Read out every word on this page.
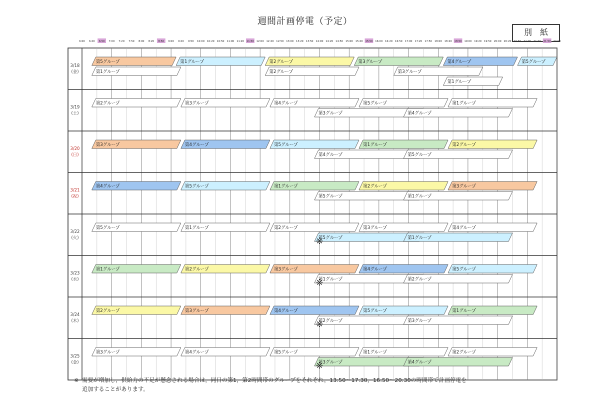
週間計画停電（予定）
別　紙
6:00 6:20 6:50 7:00 7:20 7:50 8:00 8:20 8:50 9:00 9:20 9:50 10:00 10:20 10:50 11:00 11:20 11:50 12:00 12:20 12:50 13:00 13:20 13:50 14:00 14:20 14:50 15:00 15:20 15:50 16:00 16:20 16:50 17:00 17:20 17:50 18:00 18:20 18:50 19:00 19:20 19:50 20:00 20:20 20:50 21:00 21:20 21:50 22:00
3/18
(金)
第5グループ	第1グループ	第2グループ	第3グループ	第4グループ	第5グループ
第1グループ	第2グループ	第3グループ
第1グループ
3/19
(土)
第2グループ	第3グループ	第4グループ	第5グループ	第1グループ
第3グループ	第4グループ
3/20
(日)
第3グループ	第4グループ	第5グループ	第1グループ	第2グループ
第4グループ	第5グループ
3/21
(祝)
第4グループ	第5グループ	第1グループ	第2グループ	第3グループ
第5グループ	第1グループ
3/22
(火)
第5グループ	第1グループ	第2グループ	第3グループ	第4グループ
第5グループ	第1グループ
※
3/23
(水)
第1グループ	第2グループ	第3グループ	第4グループ	第5グループ
第1グループ	第2グループ
※
3/24
(木)
第2グループ	第3グループ	第4グループ	第5グループ	第1グループ
第2グループ	第3グループ
※
3/25
(金)
第3グループ	第4グループ	第5グループ	第1グループ	第2グループ
第3グループ	第4グループ
※
※ 需要が増加し，供給力の不足が懸念される場合は，同日の第1，第2時間帯のグループをそれぞれ，13:50～17:30，16:50～20:30の時間帯で計画停電を
追加することがあります。
